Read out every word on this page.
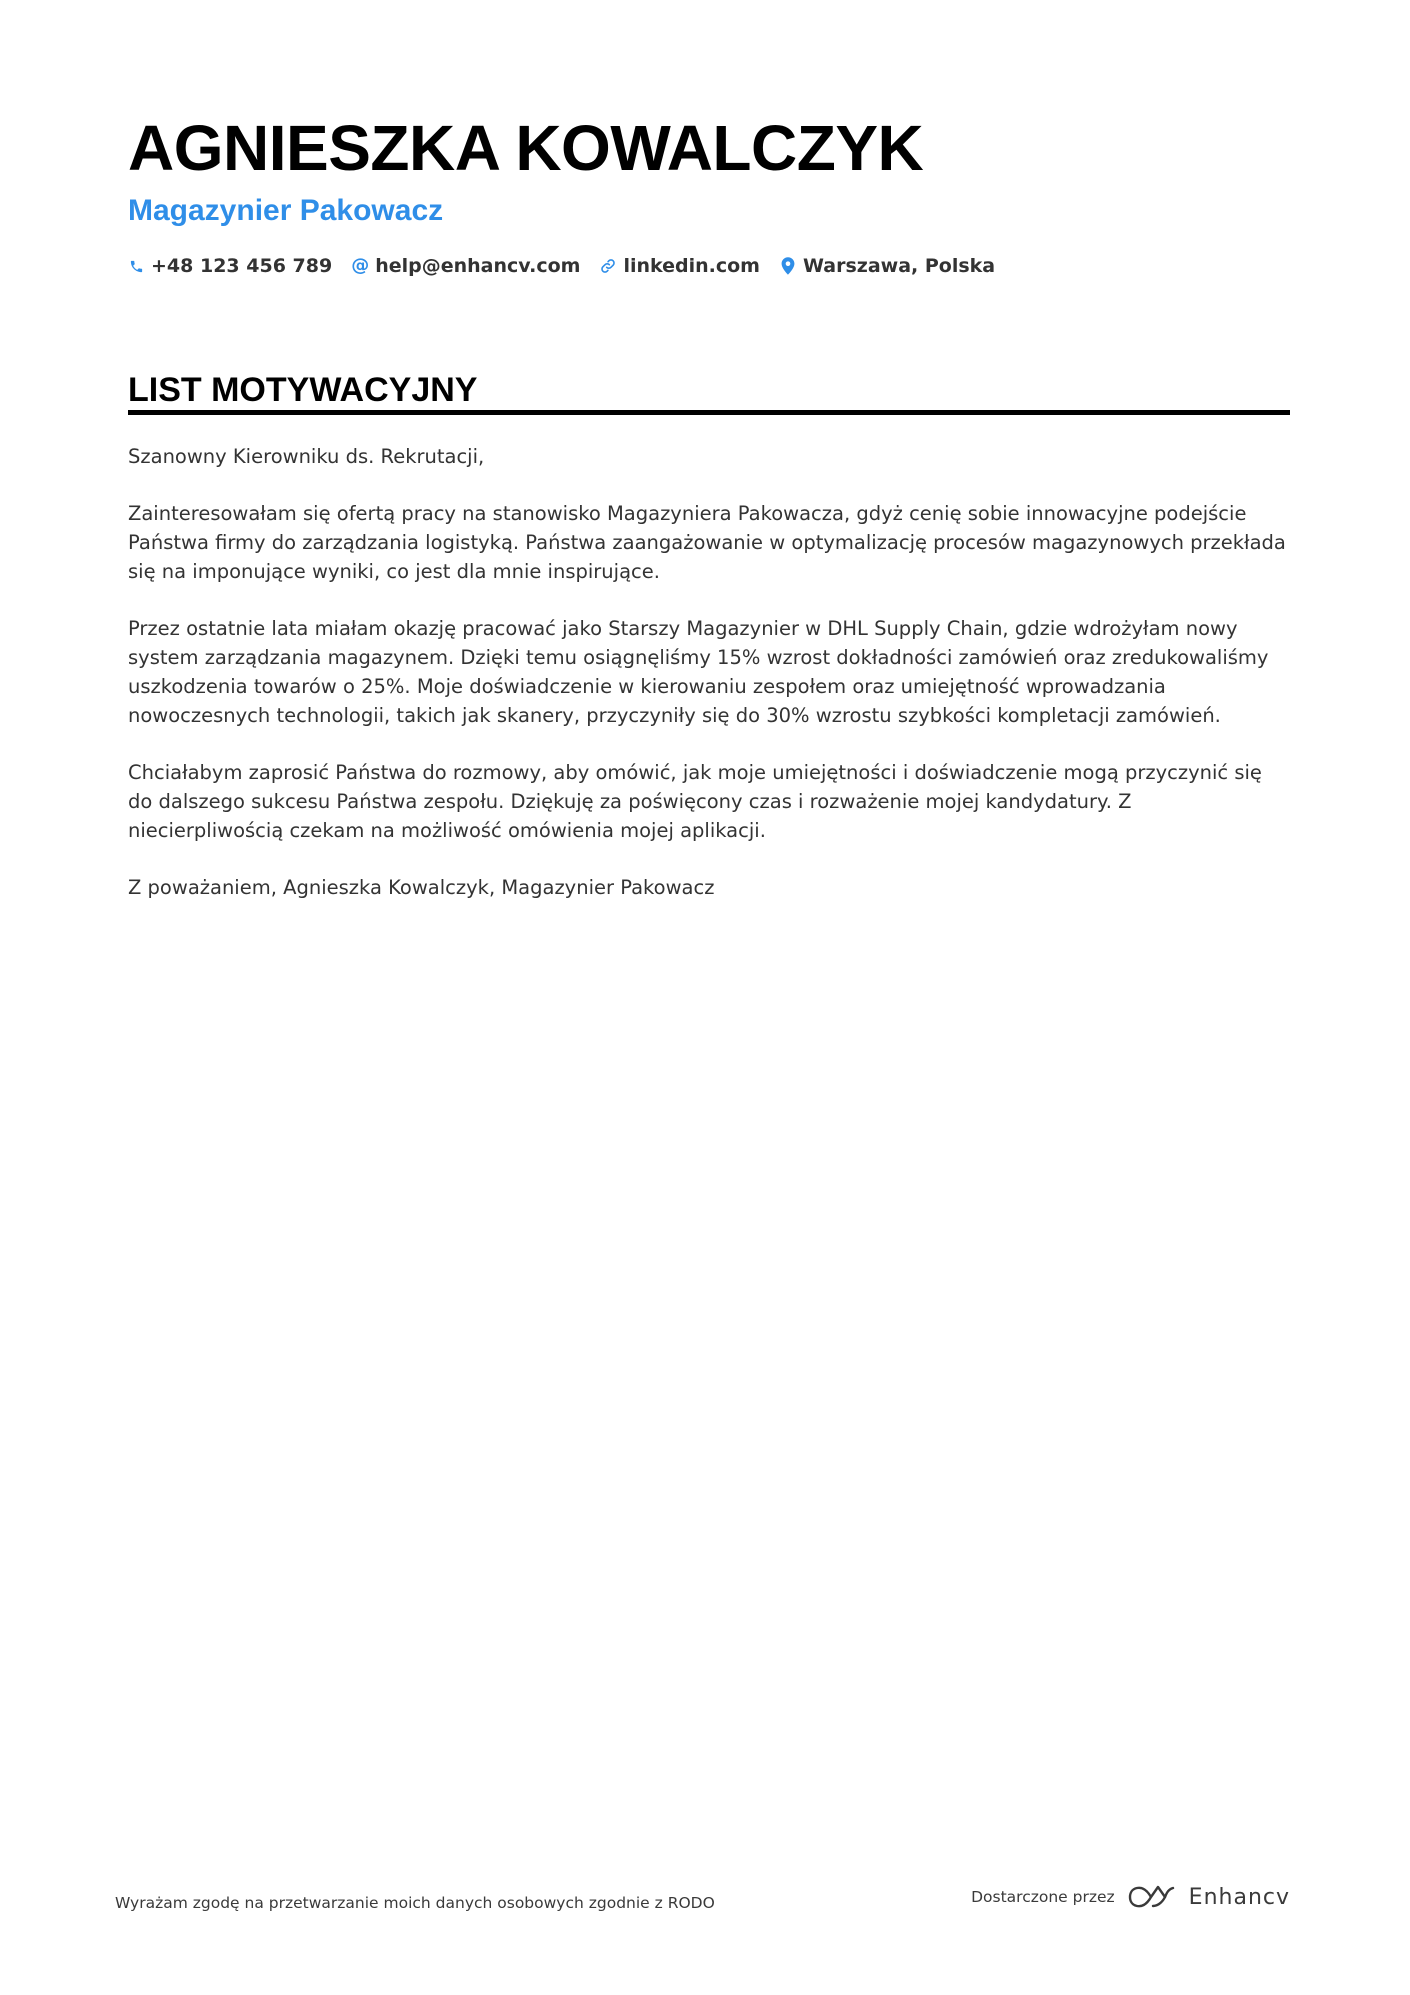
AGNIESZKA KOWALCZYK
Magazynier Pakowacz
+48 123 456 789 @ help@enhancv.com linkedin.com Warszawa, Polska
LIST MOTYWACYJNY

Szanowny Kierowniku ds. Rekrutacji,

Zainteresowałam się ofertą pracy na stanowisko Magazyniera Pakowacza, gdyż cenię sobie innowacyjne podejście Państwa firmy do zarządzania logistyką. Państwa zaangażowanie w optymalizację procesów magazynowych przekłada się na imponujące wyniki, co jest dla mnie inspirujące.

Przez ostatnie lata miałam okazję pracować jako Starszy Magazynier w DHL Supply Chain, gdzie wdrożyłam nowy system zarządzania magazynem. Dzięki temu osiągnęliśmy 15% wzrost dokładności zamówień oraz zredukowaliśmy uszkodzenia towarów o 25%. Moje doświadczenie w kierowaniu zespołem oraz umiejętność wprowadzania nowoczesnych technologii, takich jak skanery, przyczyniły się do 30% wzrostu szybkości kompletacji zamówień.

Chciałabym zaprosić Państwa do rozmowy, aby omówić, jak moje umiejętności i doświadczenie mogą przyczynić się do dalszego sukcesu Państwa zespołu. Dziękuję za poświęcony czas i rozważenie mojej kandydatury. Z niecierpliwością czekam na możliwość omówienia mojej aplikacji.

Z poważaniem, Agnieszka Kowalczyk, Magazynier Pakowacz

Wyrażam zgodę na przetwarzanie moich danych osobowych zgodnie z RODO	Dostarczone przez	Enhancv
